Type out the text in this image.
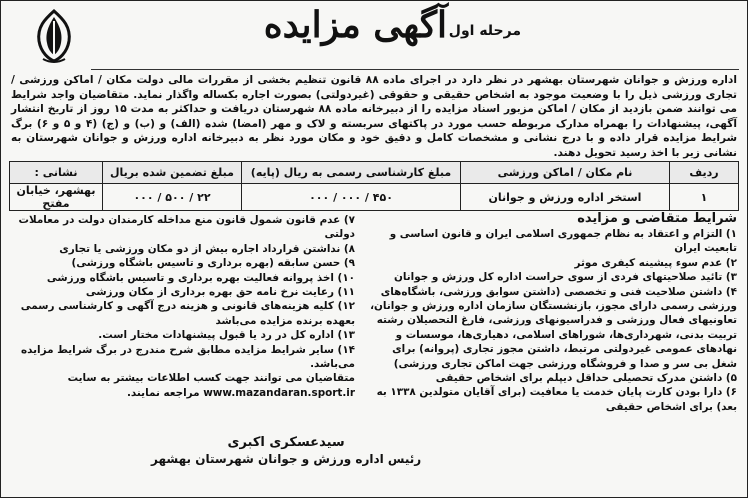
آگهی مزایده مرحله اول
اداره ورزش و جوانان شهرستان بهشهر در نظر دارد در اجرای ماده ۸۸ قانون تنظیم بخشی از مقررات مالی دولت مکان / اماکن ورزشی / تجاری ورزشی ذیل را با وضعیت موجود به اشخاص حقیقی و حقوقی (غیردولتی) بصورت اجاره بکساله واگذار نماید. متقاضیان واجد شرایط می توانند ضمن بازدید از مکان / اماکن مزبور اسناد مزایده را از دبیرخانه ماده ۸۸ شهرستان دریافت و حداکثر به مدت ۱۵ روز از تاریخ انتشار آگهی، پیشنهادات را بهمراه مدارک مربوطه حسب مورد در پاکتهای سربسته و لاک و مهر (امضا) شده (الف) و (ب) و (ج) (۴ و ۵ و ۶) برگ شرایط مزایده قرار داده و با درج نشانی و مشخصات کامل و دقیق خود و مکان مورد نظر به دبیرخانه اداره ورزش و جوانان شهرستان به نشانی زیر با اخذ رسید تحویل دهند.
ردیف	نام مکان / اماکن ورزشی	مبلغ کارشناسی رسمی به ریال (پایه)	مبلغ تضمین شده بریال	نشانی :
۱	استخر اداره ورزش و جوانان	۴۵۰ / ۰۰۰ / ۰۰۰	۲۲ / ۵۰۰ / ۰۰۰	بهشهر، خیابان مفتح
شرایط متقاضی و مزایده

۱) التزام و اعتقاد به نظام جمهوری اسلامی ایران و قانون اساسی و تابعیت ایران

۲) عدم سوء پیشینه کیفری موثر

۳) تائید صلاحیتهای فردی از سوی حراست اداره کل ورزش و جوانان

۴) داشتن صلاحیت فنی و تخصصی (داشتن سوابق ورزشی، باشگاه‌های ورزشی رسمی دارای مجوز، بازنشستگان سازمان اداره ورزش و جوانان، تعاونیهای فعال ورزشی و فدراسیونهای ورزشی، فارغ التحصیلان رشته تربیت بدنی، شهرداری‌ها، شورا‌های اسلامی، دهیاری‌ها، موسسات و نهادهای عمومی غیردولتی مرتبط، داشتن مجوز تجاری (پروانه) برای شغل بی سر و صدا و فروشگاه ورزشی جهت اماکن تجاری ورزشی)

۵) داشتن مدرک تحصیلی حداقل دیپلم برای اشخاص حقیقی

۶) دارا بودن کارت پایان خدمت یا معافیت (برای آقایان متولدین ۱۳۳۸ به بعد) برای اشخاص حقیقی

۷) عدم قانون شمول قانون منع مداخله کارمندان دولت در معاملات دولتی

۸) نداشتن قرارداد اجاره بیش از دو مکان ورزشی یا تجاری

۹) حسن سابقه (بهره برداری و تاسیس باشگاه ورزشی)

۱۰) اخذ پروانه فعالیت بهره برداری و تاسیس باشگاه ورزشی

۱۱) رعایت نرخ نامه حق بهره برداری از مکان ورزشی

۱۲) کلیه هزینه‌های قانونی و هزینه درج آگهی و کارشناسی رسمی بعهده برنده مزایده می‌باشد

۱۳) اداره کل در رد یا قبول پیشنهادات مختار است.

۱۴) سایر شرایط مزایده مطابق شرح مندرج در برگ شرایط مزایده می‌باشد.

متقاضیان می توانند جهت کسب اطلاعات بیشتر به سایت www.mazandaran.sport.ir مراجعه نمایند.

سیدعسکری اکبری
رئیس اداره ورزش و جوانان شهرستان بهشهر
